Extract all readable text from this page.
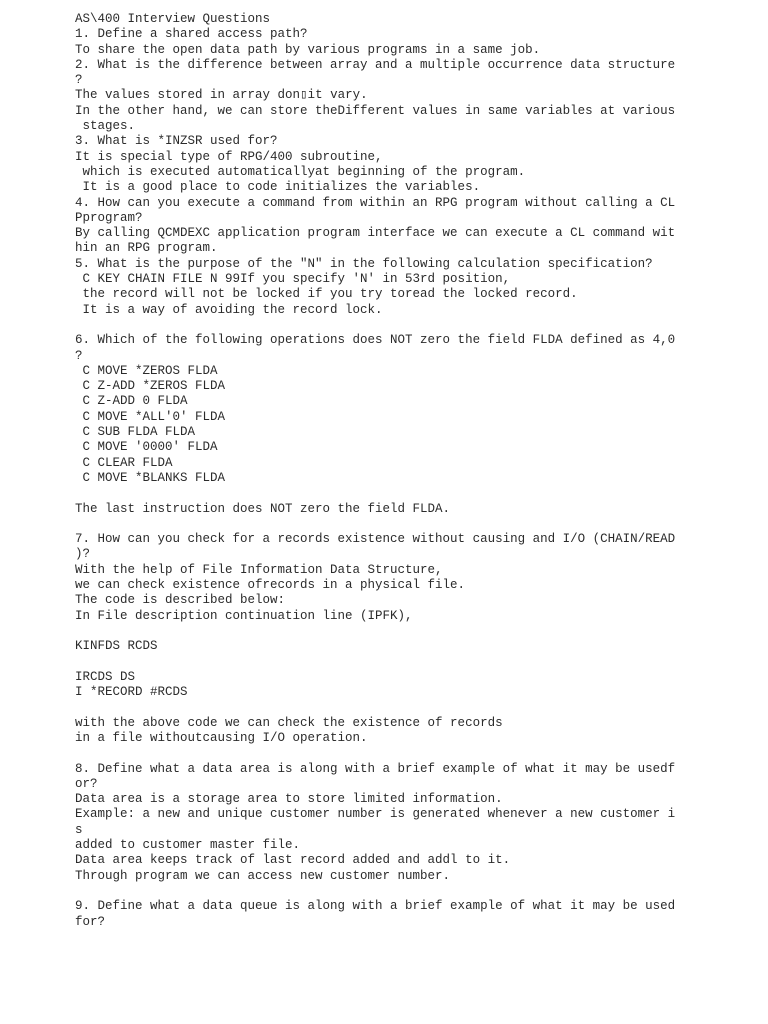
AS\400 Interview Questions
1. Define a shared access path?
To share the open data path by various programs in a same job.
2. What is the difference between array and a multiple occurrence data structure
?
The values stored in array don▯it vary.
In the other hand, we can store theDifferent values in same variables at various
stages.
3. What is *INZSR used for?
It is special type of RPG/400 subroutine,
which is executed automaticallyat beginning of the program.
It is a good place to code initializes the variables.
4. How can you execute a command from within an RPG program without calling a CL
Pprogram?
By calling QCMDEXC application program interface we can execute a CL command wit
hin an RPG program.
5. What is the purpose of the "N" in the following calculation specification?
C KEY CHAIN FILE N 99If you specify 'N' in 53rd position,
the record will not be locked if you try toread the locked record.
It is a way of avoiding the record lock.
6. Which of the following operations does NOT zero the field FLDA defined as 4,0
?
C MOVE *ZEROS FLDA
C Z-ADD *ZEROS FLDA
C Z-ADD 0 FLDA
C MOVE *ALL'0' FLDA
C SUB FLDA FLDA
C MOVE '0000' FLDA
C CLEAR FLDA
C MOVE *BLANKS FLDA
The last instruction does NOT zero the field FLDA.
7. How can you check for a records existence without causing and I/O (CHAIN/READ
)?
With the help of File Information Data Structure,
we can check existence ofrecords in a physical file.
The code is described below:
In File description continuation line (IPFK),
KINFDS RCDS
IRCDS DS
I *RECORD #RCDS
with the above code we can check the existence of records
in a file withoutcausing I/O operation.
8. Define what a data area is along with a brief example of what it may be usedf
or?
Data area is a storage area to store limited information.
Example: a new and unique customer number is generated whenever a new customer i
s
added to customer master file.
Data area keeps track of last record added and addl to it.
Through program we can access new customer number.
9. Define what a data queue is along with a brief example of what it may be used
for?
